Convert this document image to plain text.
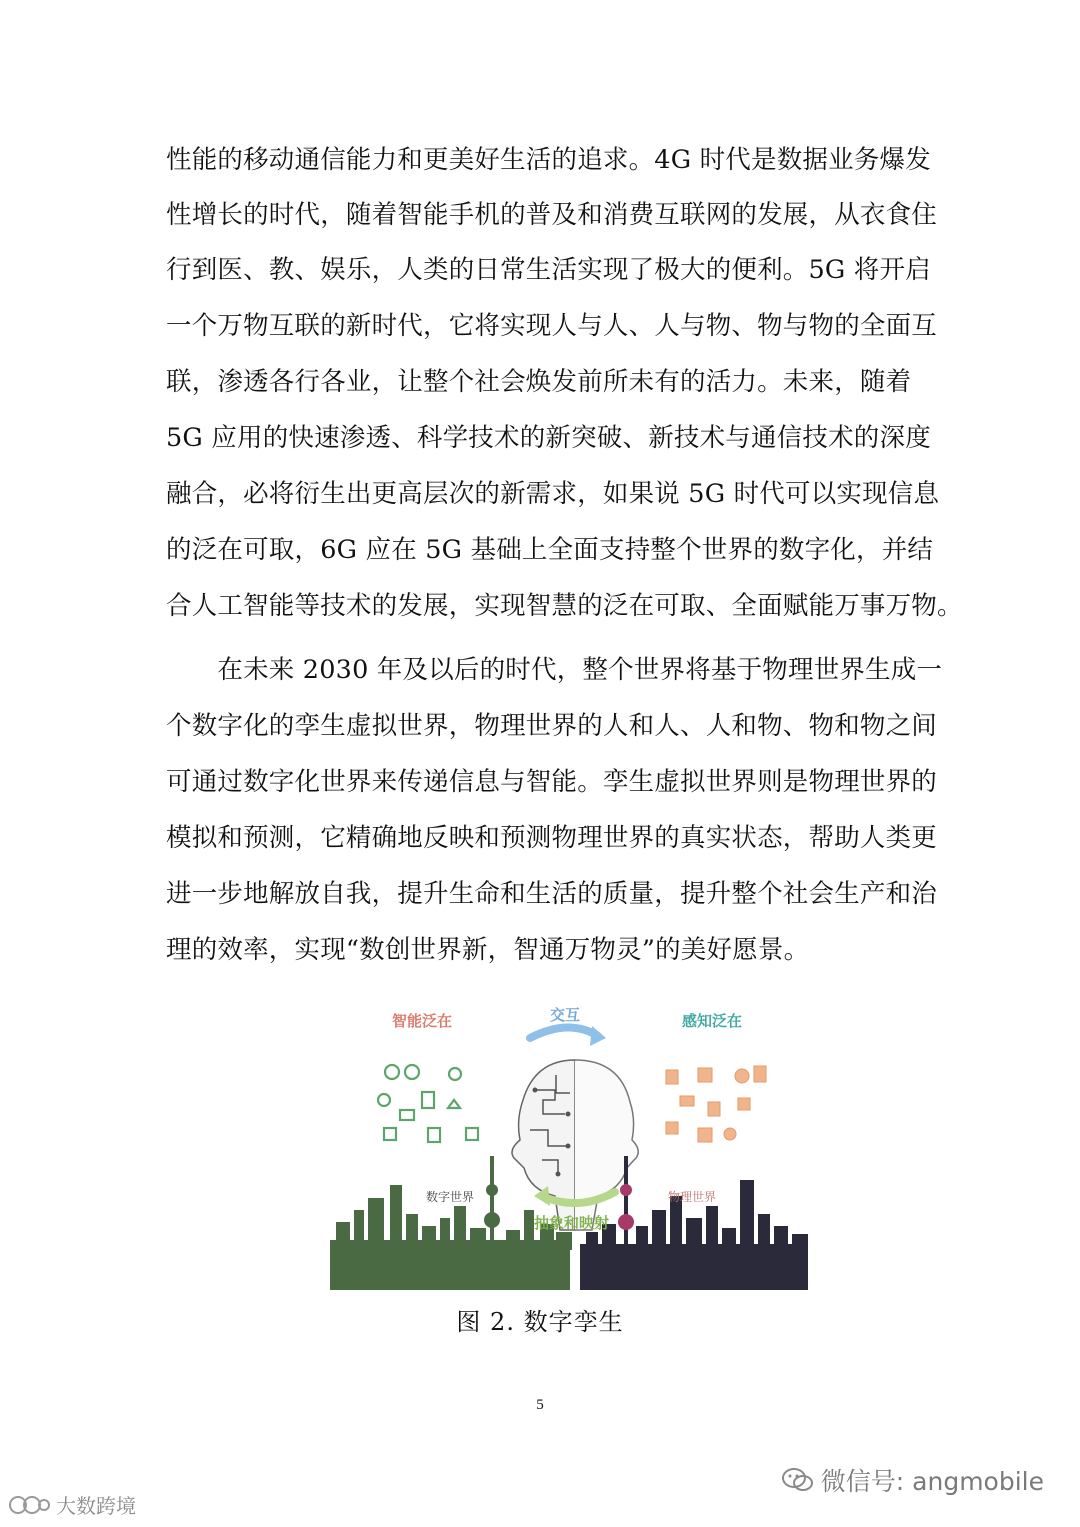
性能的移动通信能力和更美好生活的追求。4G 时代是数据业务爆发
性增长的时代，随着智能手机的普及和消费互联网的发展，从衣食住
行到医、教、娱乐，人类的日常生活实现了极大的便利。5G 将开启
一个万物互联的新时代，它将实现人与人、人与物、物与物的全面互
联，渗透各行各业，让整个社会焕发前所未有的活力。未来，随着
5G 应用的快速渗透、科学技术的新突破、新技术与通信技术的深度
融合，必将衍生出更高层次的新需求，如果说 5G 时代可以实现信息
的泛在可取，6G 应在 5G 基础上全面支持整个世界的数字化，并结
合人工智能等技术的发展，实现智慧的泛在可取、全面赋能万事万物。
　　在未来 2030 年及以后的时代，整个世界将基于物理世界生成一
个数字化的孪生虚拟世界，物理世界的人和人、人和物、物和物之间
可通过数字化世界来传递信息与智能。孪生虚拟世界则是物理世界的
模拟和预测，它精确地反映和预测物理世界的真实状态，帮助人类更
进一步地解放自我，提升生命和生活的质量，提升整个社会生产和治
理的效率，实现“数创世界新，智通万物灵”的美好愿景。
智能泛在	交互	感知泛在
数字世界
抽象和映射
物理世界
图 2. 数字孪生
5
微信号: angmobile
大数跨境
